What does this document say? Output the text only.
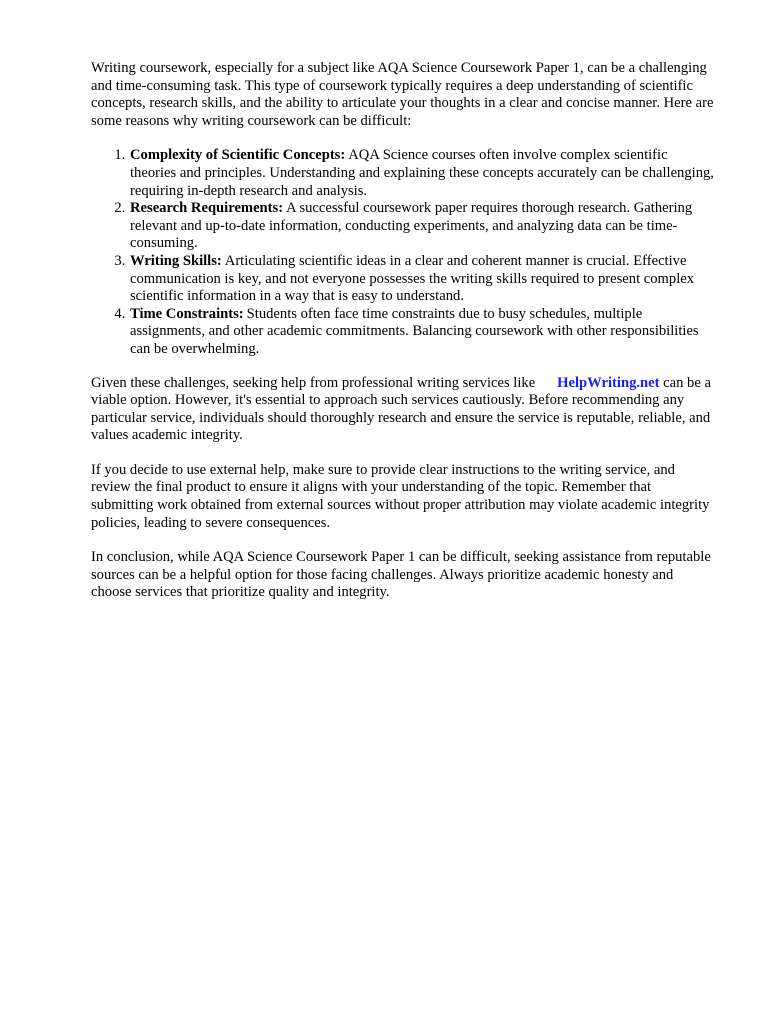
Writing coursework, especially for a subject like AQA Science Coursework Paper 1, can be a challenging and time-consuming task. This type of coursework typically requires a deep understanding of scientific concepts, research skills, and the ability to articulate your thoughts in a clear and concise manner. Here are some reasons why writing coursework can be difficult:

1. Complexity of Scientific Concepts: AQA Science courses often involve complex scientific theories and principles. Understanding and explaining these concepts accurately can be challenging, requiring in-depth research and analysis.
2. Research Requirements: A successful coursework paper requires thorough research. Gathering relevant and up-to-date information, conducting experiments, and analyzing data can be time-consuming.
3. Writing Skills: Articulating scientific ideas in a clear and coherent manner is crucial. Effective communication is key, and not everyone possesses the writing skills required to present complex scientific information in a way that is easy to understand.
4. Time Constraints: Students often face time constraints due to busy schedules, multiple assignments, and other academic commitments. Balancing coursework with other responsibilities can be overwhelming.

Given these challenges, seeking help from professional writing services like HelpWriting.net can be a viable option. However, it's essential to approach such services cautiously. Before recommending any particular service, individuals should thoroughly research and ensure the service is reputable, reliable, and values academic integrity.

If you decide to use external help, make sure to provide clear instructions to the writing service, and review the final product to ensure it aligns with your understanding of the topic. Remember that submitting work obtained from external sources without proper attribution may violate academic integrity policies, leading to severe consequences.

In conclusion, while AQA Science Coursework Paper 1 can be difficult, seeking assistance from reputable sources can be a helpful option for those facing challenges. Always prioritize academic honesty and choose services that prioritize quality and integrity.
